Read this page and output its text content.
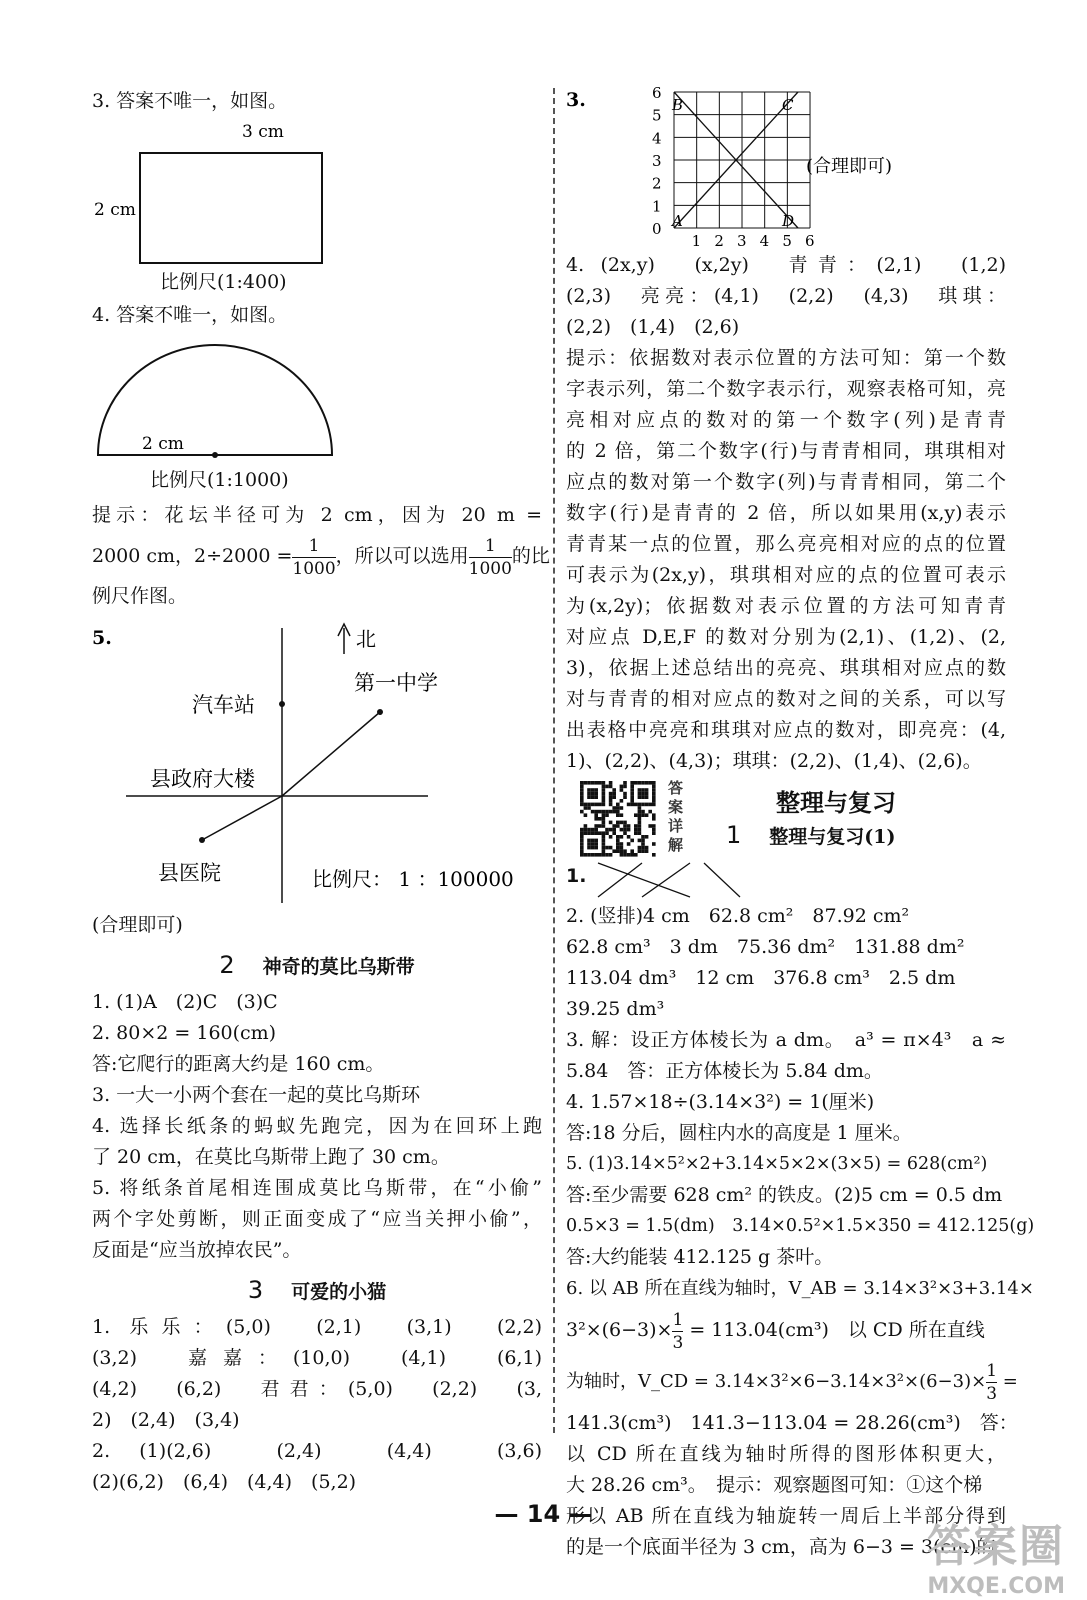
3. 答案不唯一，如图。
3 cm
2 cm
比例尺(1:400)
4. 答案不唯一，如图。
2 cm
比例尺(1:1000)
提示：花坛半径可为 2 cm，因为 20 m =
2000 cm，$2\div 2000 = \frac{1}{1000}$ ，所以可以选用 $\frac{1}{1000}$ 的比
例尺作图。
5.	北
汽车站
第一中学
县政府大楼
县医院	比例尺： 1 ：100000
(合理即可)
2 神奇的莫比乌斯带
1. (1)A　(2)C　(3)C
2. 80×2 = 160(cm)
答:它爬行的距离大约是 160 cm。
3. 一大一小两个套在一起的莫比乌斯环
4. 选择长纸条的蚂蚁先跑完，因为在回环上跑
了 20 cm，在莫比乌斯带上跑了 30 cm。
5. 将纸条首尾相连围成莫比乌斯带，在“小偷”
两个字处剪断，则正面变成了“应当关押小偷”，
反面是“应当放掉农民”。
3 可爱的小猫
1. 乐乐：(5,0)　(2,1)　(3,1)　(2,2)
(3,2)　嘉嘉：(10,0)　(4,1)　(6,1)
(4,2)　(6,2)　君君：(5,0)　(2,2)　(3,
2)　(2,4)　(3,4)
2. (1)(2,6)　(2,4)　(4,4)　(3,6)
(2)(6,2)　(6,4)　(4,4)　(5,2)
3.	6
5
4
3
2
1
0
1 2 3 4 5 6
B	C
A	D
(合理即可)
4. (2x,y)　(x,2y)　青青：(2,1)　(1,2)
(2,3)　亮亮：(4,1)　(2,2)　(4,3)　琪琪：
(2,2)　(1,4)　(2,6)
提示：依据数对表示位置的方法可知：第一个数
字表示列，第二个数字表示行，观察表格可知，亮
亮相对应点的数对的第一个数字(列)是青青
的 2 倍，第二个数字(行)与青青相同，琪琪相对
应点的数对第一个数字(列)与青青相同，第二个
数字(行)是青青的 2 倍，所以如果用(x,y)表示
青青某一点的位置，那么亮亮相对应的点的位置
可表示为(2x,y)，琪琪相对应的点的位置可表示
为(x,2y)；依据数对表示位置的方法可知青青
对应点 D,E,F 的数对分别为(2,1)、(1,2)、(2,
3)，依据上述总结出的亮亮、琪琪相对应点的数
对与青青的相对应点的数对之间的关系，可以写
出表格中亮亮和琪琪对应点的数对，即亮亮：(4,
1)、(2,2)、(4,3)；琪琪：(2,2)、(1,4)、(2,6)。
答案详解
整理与复习
1 整理与复习(1)
1.
2. (竖排)4 cm　62.8 cm²　87.92 cm²
62.8 cm³　3 dm　75.36 dm²　131.88 dm²
113.04 dm³　12 cm　376.8 cm³　2.5 dm
39.25 dm³
3. 解：设正方体棱长为 a dm。　a³ = π×4³　a ≈
5.84　答：正方体棱长为 5.84 dm。
4. 1.57×18÷(3.14×3²) = 1(厘米)
答:18 分后，圆柱内水的高度是 1 厘米。
5. (1)3.14×5²×2+3.14×5×2×(3×5) = 628(cm²)
答:至少需要 628 cm² 的铁皮。(2)5 cm = 0.5 dm
0.5×3 = 1.5(dm)　3.14×0.5²×1.5×350 = 412.125(g)
答:大约能装 412.125 g 茶叶。
6. 以 AB 所在直线为轴时，V_AB = 3.14×3²×3+3.14×
$3^2\times(6-3)\times \frac{1}{3} = 113.04(cm^3)$　以 CD 所在直线
为轴时，V_CD = $3.14\times 3^2\times 6-3.14\times 3^2\times(6-3)\times \frac{1}{3}$ =
141.3(cm³)　141.3−113.04 = 28.26(cm³)　答：
以 CD 所在直线为轴时所得的图形体积更大，
大 28.26 cm³。　提示：观察题图可知：①这个梯
形以 AB 所在直线为轴旋转一周后上半部分得到
的是一个底面半径为 3 cm，高为 6−3 = 3(cm)的
— 14 —
答案圈
MXQE.COM
